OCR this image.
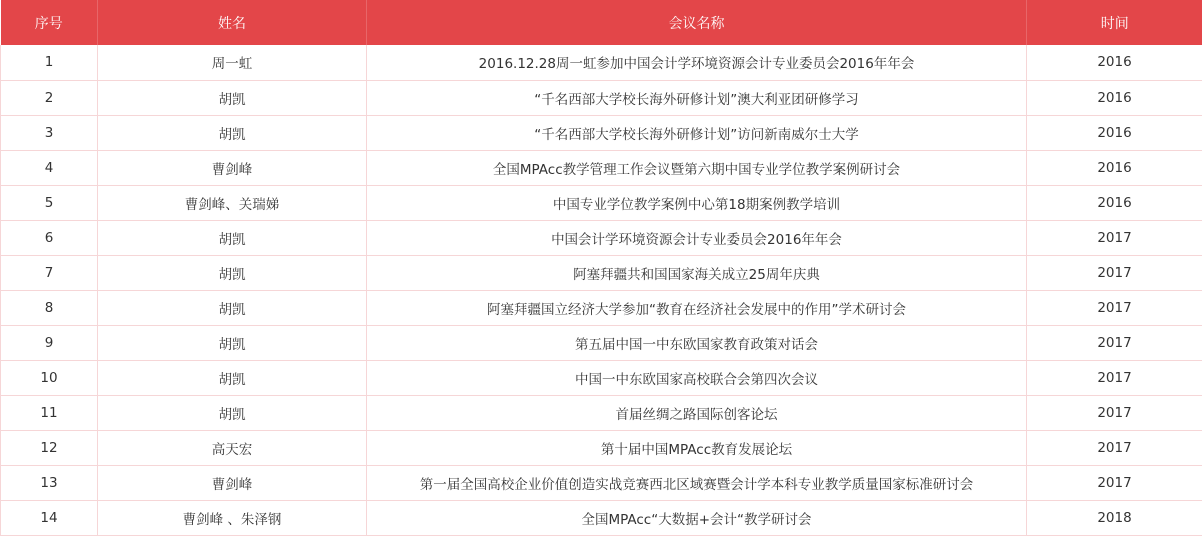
序号	姓名	会议名称	时间
1	周一虹	2016.12.28周一虹参加中国会计学环境资源会计专业委员会2016年年会	2016
2	胡凯	“千名西部大学校长海外研修计划”澳大利亚团研修学习	2016
3	胡凯	“千名西部大学校长海外研修计划”访问新南威尔士大学	2016
4	曹剑峰	全国MPAcc教学管理工作会议暨第六期中国专业学位教学案例研讨会	2016
5	曹剑峰、关瑞娣	中国专业学位教学案例中心第18期案例教学培训	2016
6	胡凯	中国会计学环境资源会计专业委员会2016年年会	2017
7	胡凯	阿塞拜疆共和国国家海关成立25周年庆典	2017
8	胡凯	阿塞拜疆国立经济大学参加“教育在经济社会发展中的作用”学术研讨会	2017
9	胡凯	第五届中国一中东欧国家教育政策对话会	2017
10	胡凯	中国一中东欧国家高校联合会第四次会议	2017
11	胡凯	首届丝绸之路国际创客论坛	2017
12	高天宏	第十届中国MPAcc教育发展论坛	2017
13	曹剑峰	第一届全国高校企业价值创造实战竞赛西北区域赛暨会计学本科专业教学质量国家标准研讨会	2017
14	曹剑峰 、朱泽钢	全国MPAcc“大数据+会计“教学研讨会	2018
